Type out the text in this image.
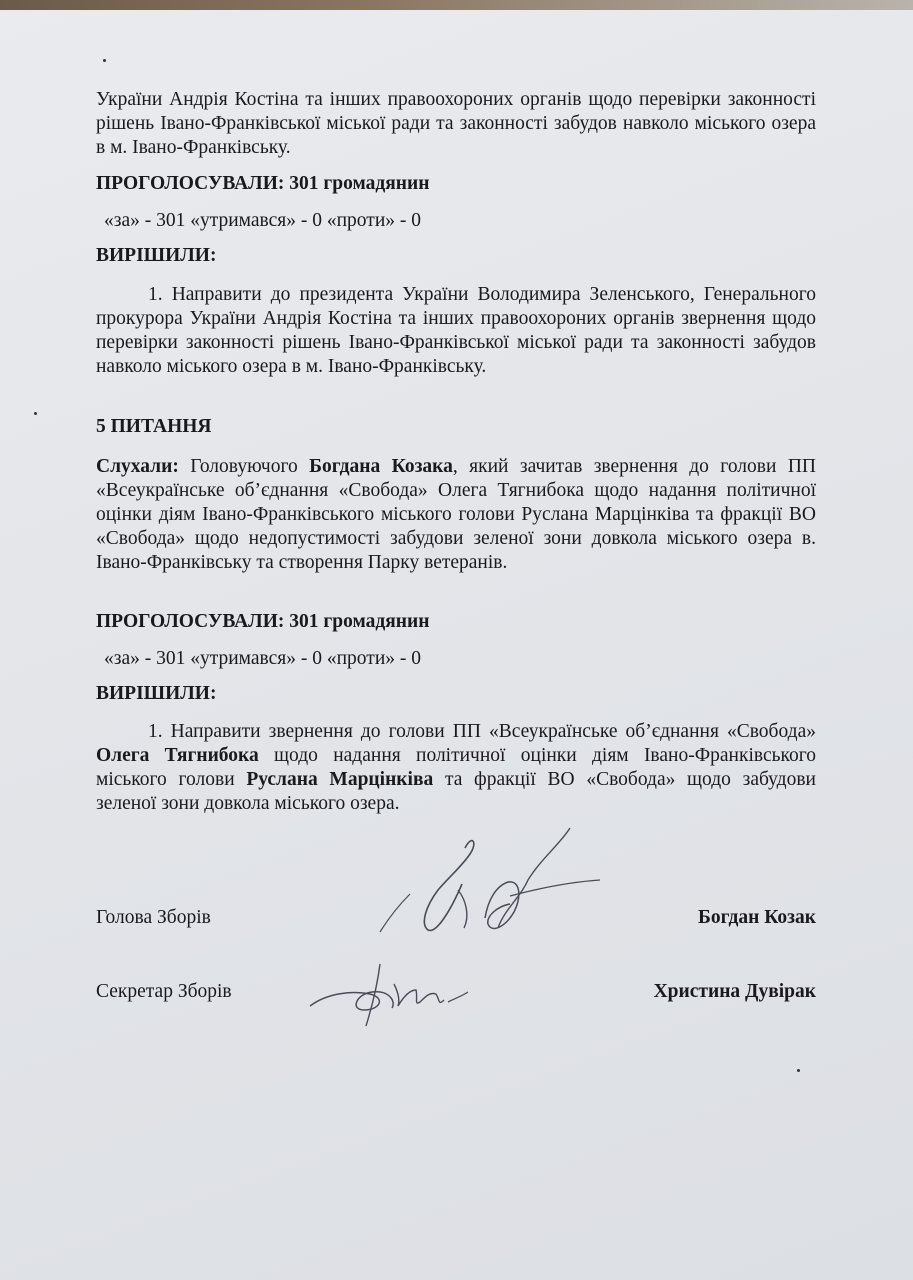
України Андрія Костіна та інших правоохороних органів щодо перевірки законності рішень Івано-Франківської міської ради та законності забудов навколо міського озера в м. Івано-Франківську.

ПРОГОЛОСУВАЛИ: 301 громадянин

«за» - 301 «утримався» - 0 «проти» - 0

ВИРІШИЛИ:

1. Направити до президента України Володимира Зеленського, Генерального прокурора України Андрія Костіна та інших правоохороних органів звернення щодо перевірки законності рішень Івано-Франківської міської ради та законності забудов навколо міського озера в м. Івано-Франківську.

5 ПИТАННЯ

Слухали: Головуючого Богдана Козака, який зачитав звернення до голови ПП «Всеукраїнське об’єднання «Свобода» Олега Тягнибока щодо надання політичної оцінки діям Івано-Франківського міського голови Руслана Марцінківа та фракції ВО «Свобода» щодо недопустимості забудови зеленої зони довкола міського озера в. Івано-Франківську та створення Парку ветеранів.

ПРОГОЛОСУВАЛИ: 301 громадянин

«за» - 301 «утримався» - 0 «проти» - 0

ВИРІШИЛИ:

1. Направити звернення до голови ПП «Всеукраїнське об’єднання «Свобода» Олега Тягнибока щодо надання політичної оцінки діям Івано-Франківського міського голови Руслана Марцінківа та фракції ВО «Свобода» щодо забудови зеленої зони довкола міського озера.

Голова Зборів	Богдан Козак
Секретар Зборів	Христина Дувірак
